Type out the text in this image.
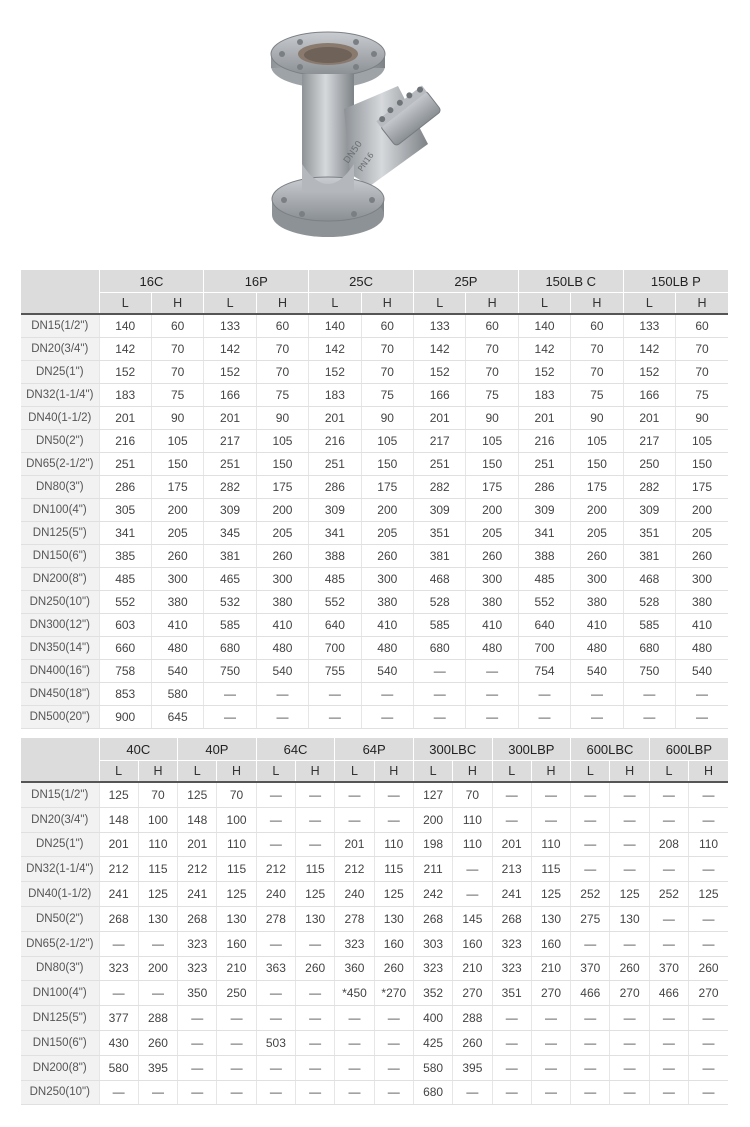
DN50
PN16
	16C		16P		25C		25P		150LB C		150LB P	
	L	H	L	H	L	H	L	H	L	H	L	H

DN15(1/2")	140	60	133	60	140	60	133	60	140	60	133	60
DN20(3/4")	142	70	142	70	142	70	142	70	142	70	142	70
DN25(1")	152	70	152	70	152	70	152	70	152	70	152	70
DN32(1-1/4")	183	75	166	75	183	75	166	75	183	75	166	75
DN40(1-1/2)	201	90	201	90	201	90	201	90	201	90	201	90
DN50(2")	216	105	217	105	216	105	217	105	216	105	217	105
DN65(2-1/2")	251	150	251	150	251	150	251	150	251	150	250	150
DN80(3")	286	175	282	175	286	175	282	175	286	175	282	175
DN100(4")	305	200	309	200	309	200	309	200	309	200	309	200
DN125(5")	341	205	345	205	341	205	351	205	341	205	351	205
DN150(6")	385	260	381	260	388	260	381	260	388	260	381	260
DN200(8")	485	300	465	300	485	300	468	300	485	300	468	300
DN250(10")	552	380	532	380	552	380	528	380	552	380	528	380
DN300(12")	603	410	585	410	640	410	585	410	640	410	585	410
DN350(14")	660	480	680	480	700	480	680	480	700	480	680	480
DN400(16")	758	540	750	540	755	540	—	—	754	540	750	540
DN450(18")	853	580	—	—	—	—	—	—	—	—	—	—
DN500(20")	900	645	—	—	—	—	—	—	—	—	—	—
	40C		40P		64C		64P		300LBC		300LBP		600LBC		600LBP	
	L	H	L	H	L	H	L	H	L	H	L	H	L	H	L	H

DN15(1/2")	125	70	125	70	—	—	—	—	127	70	—	—	—	—	—	—
DN20(3/4")	148	100	148	100	—	—	—	—	200	110	—	—	—	—	—	—
DN25(1")	201	110	201	110	—	—	201	110	198	110	201	110	—	—	208	110
DN32(1-1/4")	212	115	212	115	212	115	212	115	211	—	213	115	—	—	—	—
DN40(1-1/2)	241	125	241	125	240	125	240	125	242	—	241	125	252	125	252	125
DN50(2")	268	130	268	130	278	130	278	130	268	145	268	130	275	130	—	—
DN65(2-1/2")	—	—	323	160	—	—	323	160	303	160	323	160	—	—	—	—
DN80(3")	323	200	323	210	363	260	360	260	323	210	323	210	370	260	370	260
DN100(4")	—	—	350	250	—	—	*450	*270	352	270	351	270	466	270	466	270
DN125(5")	377	288	—	—	—	—	—	—	400	288	—	—	—	—	—	—
DN150(6")	430	260	—	—	503	—	—	—	425	260	—	—	—	—	—	—
DN200(8")	580	395	—	—	—	—	—	—	580	395	—	—	—	—	—	—
DN250(10")	—	—	—	—	—	—	—	—	680	—	—	—	—	—	—	—
